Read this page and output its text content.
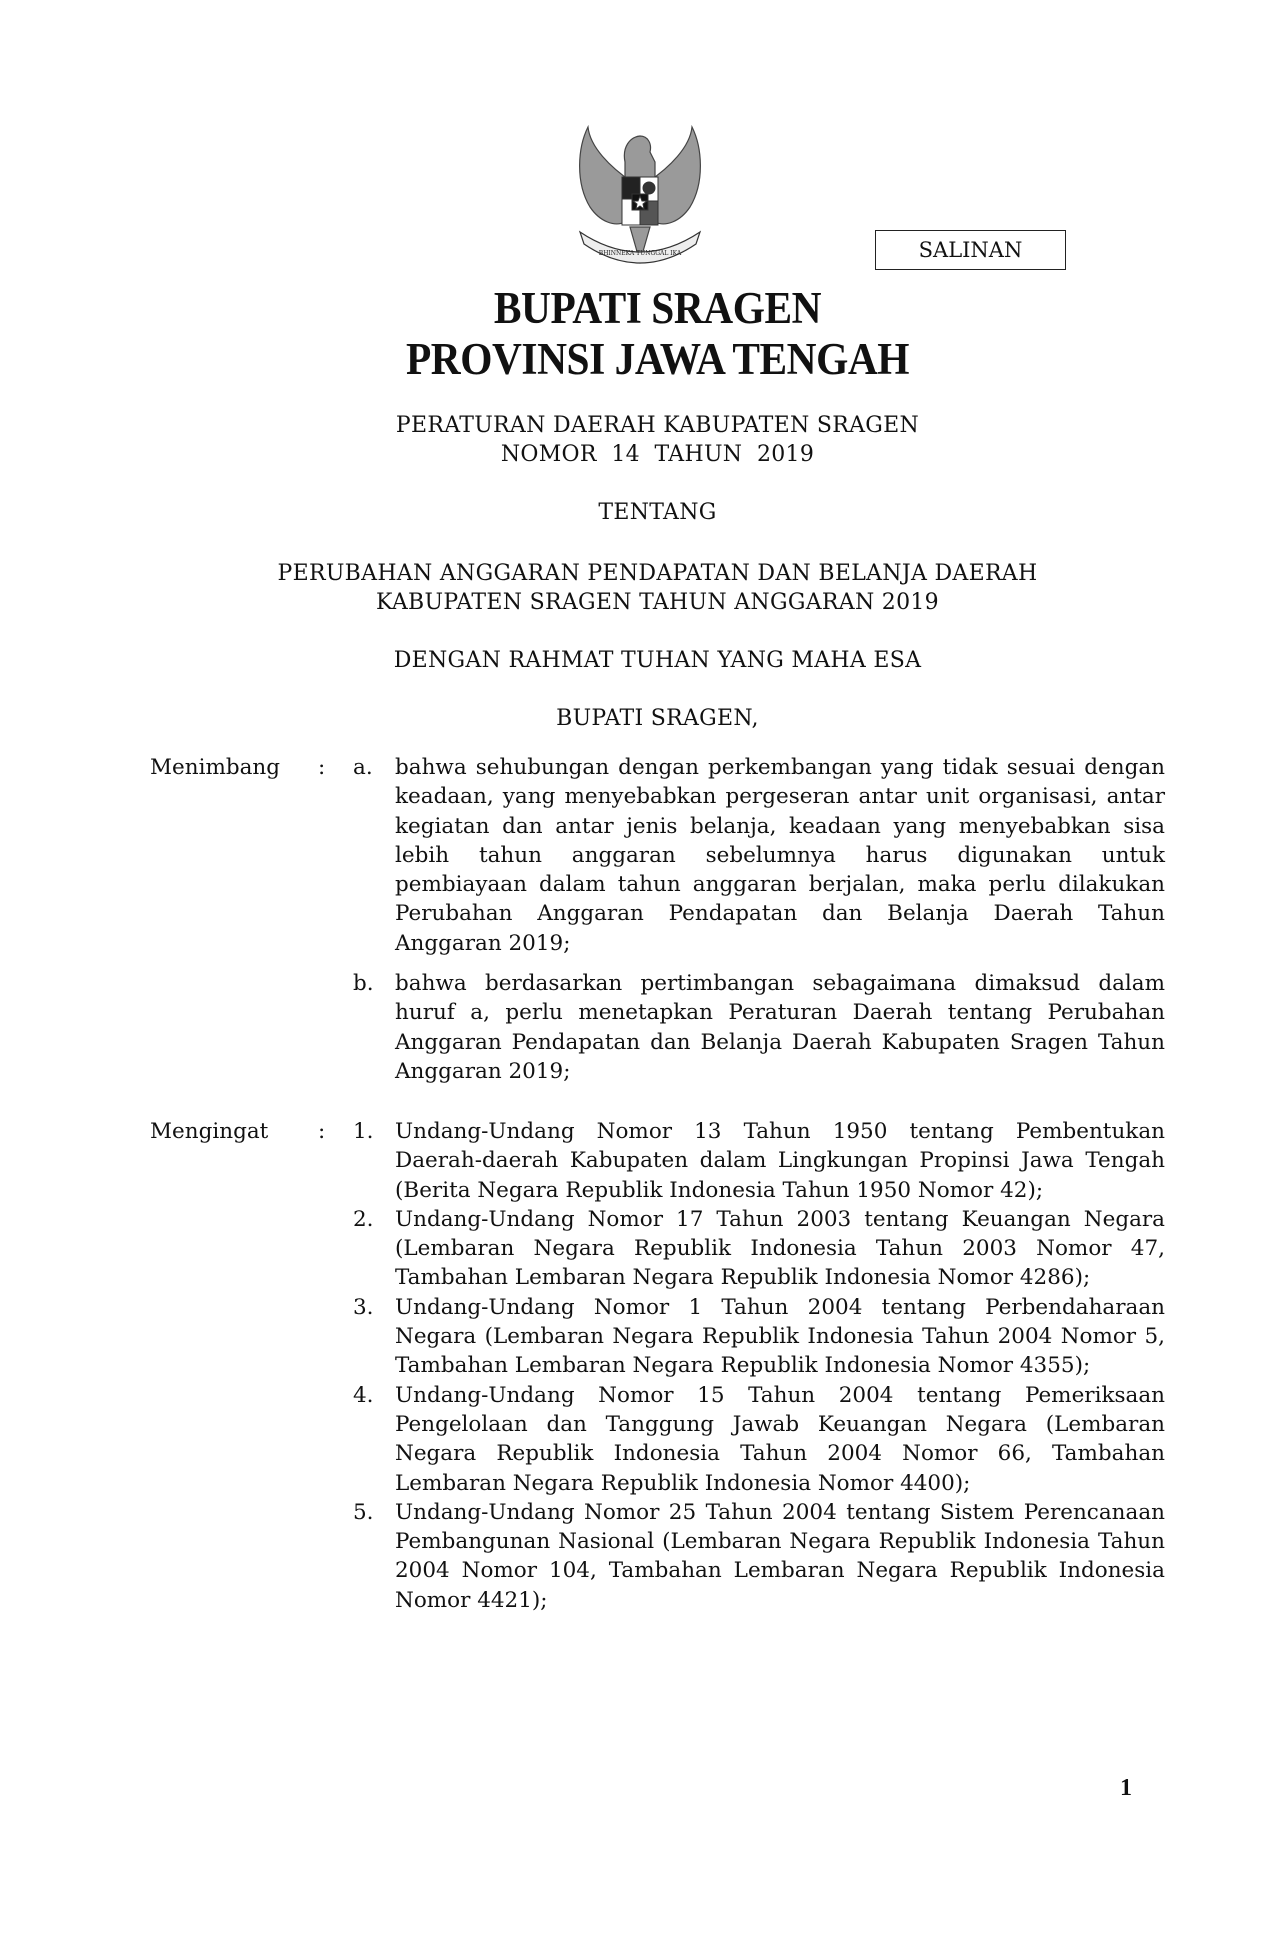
BHINNEKA TUNGGAL IKA	SALINAN
BUPATI SRAGEN
PROVINSI JAWA TENGAH
PERATURAN DAERAH KABUPATEN SRAGEN
NOMOR  14  TAHUN  2019
TENTANG
PERUBAHAN ANGGARAN PENDAPATAN DAN BELANJA DAERAH
KABUPATEN SRAGEN TAHUN ANGGARAN 2019
DENGAN RAHMAT TUHAN YANG MAHA ESA
BUPATI SRAGEN,
Menimbang : a. bahwa sehubungan dengan perkembangan yang tidak sesuai dengan keadaan, yang menyebabkan pergeseran antar unit organisasi, antar kegiatan dan antar jenis belanja, keadaan yang menyebabkan sisa lebih tahun anggaran sebelumnya harus digunakan untuk pembiayaan dalam tahun anggaran berjalan, maka perlu dilakukan Perubahan Anggaran Pendapatan dan Belanja Daerah Tahun Anggaran 2019;
b. bahwa berdasarkan pertimbangan sebagaimana dimaksud dalam huruf a, perlu menetapkan Peraturan Daerah tentang Perubahan Anggaran Pendapatan dan Belanja Daerah Kabupaten Sragen Tahun Anggaran 2019;
Mengingat : 1. Undang-Undang Nomor 13 Tahun 1950 tentang Pembentukan Daerah-daerah Kabupaten dalam Lingkungan Propinsi Jawa Tengah (Berita Negara Republik Indonesia Tahun 1950 Nomor 42);
2. Undang-Undang Nomor 17 Tahun 2003 tentang Keuangan Negara (Lembaran Negara Republik Indonesia Tahun 2003 Nomor 47, Tambahan Lembaran Negara Republik Indonesia Nomor 4286);
3. Undang-Undang Nomor 1 Tahun 2004 tentang Perbendaharaan Negara (Lembaran Negara Republik Indonesia Tahun 2004 Nomor 5, Tambahan Lembaran Negara Republik Indonesia Nomor 4355);
4. Undang-Undang Nomor 15 Tahun 2004 tentang Pemeriksaan Pengelolaan dan Tanggung Jawab Keuangan Negara (Lembaran Negara Republik Indonesia Tahun 2004 Nomor 66, Tambahan Lembaran Negara Republik Indonesia Nomor 4400);
5. Undang-Undang Nomor 25 Tahun 2004 tentang Sistem Perencanaan Pembangunan Nasional (Lembaran Negara Republik Indonesia Tahun 2004 Nomor 104, Tambahan Lembaran Negara Republik Indonesia Nomor 4421);
1
